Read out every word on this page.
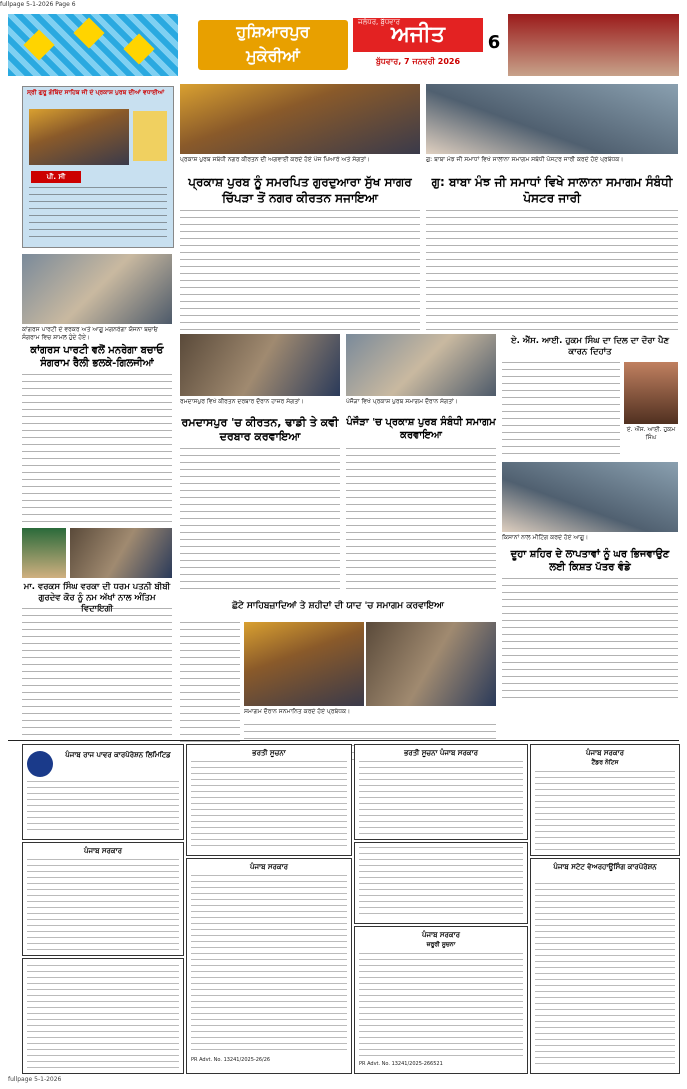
fullpage 5-1-2026 Page 6
ਹੁਸ਼ਿਆਰਪੁਰ
ਮੁਕੇਰੀਆਂ
ਅਜੀਤ
ਜਲੰਧਰ, ਬੁੱਧਵਾਰ
ਬੁੱਧਵਾਰ, 7 ਜਨਵਰੀ 2026
6
ਸ੍ਰੀ ਗੁਰੂ ਗੋਬਿੰਦ ਸਾਹਿਬ ਜੀ ਦੇ ਪ੍ਰਕਾਸ਼ ਪੁਰਬ ਦੀਆਂ ਵਧਾਈਆਂ
ਪੀ. ਸੀ
ਕਾਂਗਰਸ ਪਾਰਟੀ ਦੇ ਵਰਕਰ ਅਤੇ ਆਗੂ ਮਗਨਰੇਗਾ ਯੋਜਨਾ ਬਚਾਓ ਸੰਗਰਾਮ ਵਿਚ ਸ਼ਾਮਲ ਹੁੰਦੇ ਹੋਏ।
ਕਾਂਗਰਸ ਪਾਰਟੀ ਵਲੋਂ ਮਨਰੇਗਾ ਬਚਾਓ ਸੰਗਰਾਮ ਰੈਲੀ ਭਲਕੇ-ਗਿਲਜੀਆਂ
ਮਾ. ਵਰਕਸ ਸਿੰਘ ਵਰਕਾ ਦੀ ਧਰਮ ਪਤਨੀ ਬੀਬੀ ਗੁਰਦੇਵ ਕੌਰ ਨੂੰ ਨਮ ਅੱਖਾਂ ਨਾਲ ਅੰਤਿਮ ਵਿਦਾਇਗੀ
ਪ੍ਰਕਾਸ਼ ਪੁਰਬ ਸਬੰਧੀ ਨਗਰ ਕੀਰਤਨ ਦੀ ਅਗਵਾਈ ਕਰਦੇ ਹੋਏ ਪੰਜ ਪਿਆਰੇ ਅਤੇ ਸੰਗਤਾਂ।
ਪ੍ਰਕਾਸ਼ ਪੁਰਬ ਨੂੰ ਸਮਰਪਿਤ ਗੁਰਦੁਆਰਾ ਸੁੱਖ ਸਾਗਰ ਚਿੱਪੜਾ ਤੋਂ ਨਗਰ ਕੀਰਤਨ ਸਜਾਇਆ
ਗੁ: ਬਾਬਾ ਮੰਝ ਜੀ ਸਮਾਧਾਂ ਵਿਖੇ ਸਾਲਾਨਾ ਸਮਾਗਮ ਸਬੰਧੀ ਪੋਸਟਰ ਜਾਰੀ ਕਰਦੇ ਹੋਏ ਪ੍ਰਬੰਧਕ।
ਗੁ: ਬਾਬਾ ਮੰਝ ਜੀ ਸਮਾਧਾਂ ਵਿਖੇ ਸਾਲਾਨਾ ਸਮਾਗਮ ਸੰਬੰਧੀ ਪੋਸਟਰ ਜਾਰੀ
ਰਮਦਾਸਪੁਰ ਵਿਖੇ ਕੀਰਤਨ ਦਰਬਾਰ ਦੌਰਾਨ ਹਾਜ਼ਰ ਸੰਗਤਾਂ।
ਰਮਦਾਸਪੁਰ 'ਚ ਕੀਰਤਨ, ਢਾਡੀ ਤੇ ਕਵੀ ਦਰਬਾਰ ਕਰਵਾਇਆ
ਪੰਜੌੜਾ ਵਿਖੇ ਪ੍ਰਕਾਸ਼ ਪੁਰਬ ਸਮਾਗਮ ਦੌਰਾਨ ਸੰਗਤਾਂ।
ਪੰਜੌੜਾ 'ਚ ਪ੍ਰਕਾਸ਼ ਪੁਰਬ ਸੰਬੰਧੀ ਸਮਾਗਮ ਕਰਵਾਇਆ
ਏ. ਐੱਸ. ਆਈ. ਹੁਕਮ ਸਿੰਘ ਦਾ ਦਿਲ ਦਾ ਦੌਰਾ ਪੈਣ ਕਾਰਨ ਦਿਹਾਂਤ
ਏ. ਐੱਸ. ਆਈ. ਹੁਕਮ ਸਿੰਘ
ਕਿਸਾਨਾਂ ਨਾਲ ਮੀਟਿੰਗ ਕਰਦੇ ਹੋਏ ਆਗੂ।
ਦੂਹਾ ਸ਼ਹਿਰ ਦੇ ਲਾਪਤਾਵਾਂ ਨੂੰ ਘਰ ਭਿਜਵਾਉਣ ਲਈ ਕਿਸ਼ਤ ਪੱਤਰ ਵੰਡੇ
ਛੋਟੇ ਸਾਹਿਬਜ਼ਾਦਿਆਂ ਤੇ ਸ਼ਹੀਦਾਂ ਦੀ ਯਾਦ 'ਚ ਸਮਾਗਮ ਕਰਵਾਇਆ
ਸਮਾਗਮ ਦੌਰਾਨ ਸਨਮਾਨਿਤ ਕਰਦੇ ਹੋਏ ਪ੍ਰਬੰਧਕ।
ਪੰਜਾਬ ਰਾਜ ਪਾਵਰ ਕਾਰਪੋਰੇਸ਼ਨ ਲਿਮਿਟਿਡ
ਪੰਜਾਬ ਸਰਕਾਰ
ਭਰਤੀ ਸੂਚਨਾ
ਪੰਜਾਬ ਸਰਕਾਰ
PR Advt. No. 13241/2025-26/26
ਭਰਤੀ ਸੂਚਨਾ ਪੰਜਾਬ ਸਰਕਾਰ
ਪੰਜਾਬ ਸਰਕਾਰ
ਜ਼ਰੂਰੀ ਸੂਚਨਾ
PR Advt. No. 13241/2025-266521
ਪੰਜਾਬ ਸਰਕਾਰ
ਟੈਂਡਰ ਨੋਟਿਸ
ਪੰਜਾਬ ਸਟੇਟ ਵੇਅਰਹਾਊਸਿੰਗ ਕਾਰਪੋਰੇਸ਼ਨ
fullpage 5-1-2026
